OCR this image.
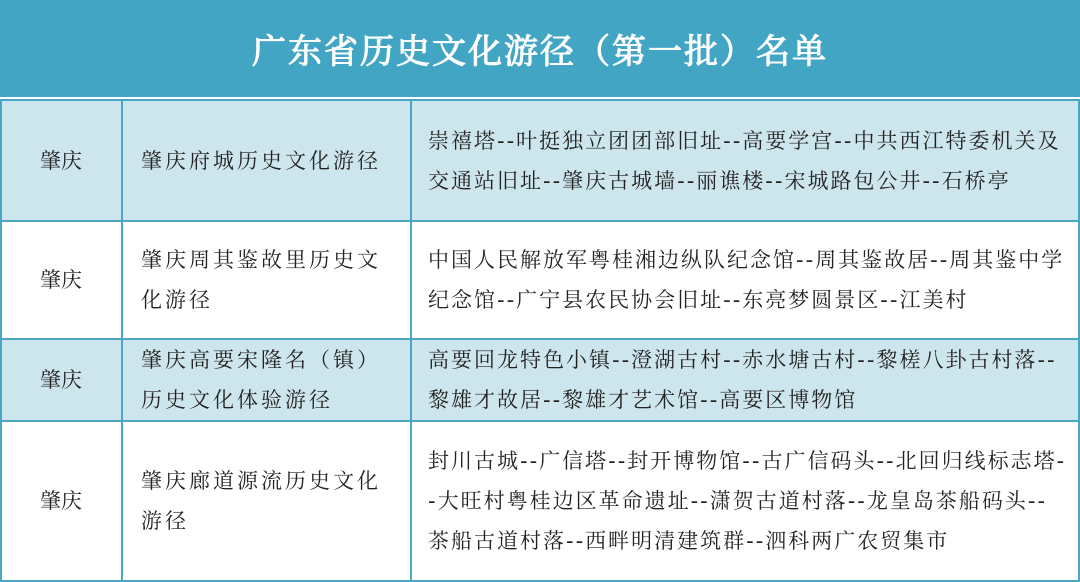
广东省历史文化游径（第一批）名单
肇庆	肇庆府城历史文化游径	崇禧塔--叶挺独立团团部旧址--高要学宫--中共西江特委机关及交通站旧址--肇庆古城墙--丽谯楼--宋城路包公井--石桥亭
肇庆	肇庆周其鉴故里历史文化游径	中国人民解放军粤桂湘边纵队纪念馆--周其鉴故居--周其鉴中学纪念馆--广宁县农民协会旧址--东亮梦圆景区--江美村
肇庆	肇庆高要宋隆名（镇）历史文化体验游径	高要回龙特色小镇--澄湖古村--赤水塘古村--黎槎八卦古村落--黎雄才故居--黎雄才艺术馆--高要区博物馆
肇庆	肇庆廊道源流历史文化游径	封川古城--广信塔--封开博物馆--古广信码头--北回归线标志塔--大旺村粤桂边区革命遗址--潇贺古道村落--龙皇岛茶船码头--茶船古道村落--西畔明清建筑群--泗科两广农贸集市
